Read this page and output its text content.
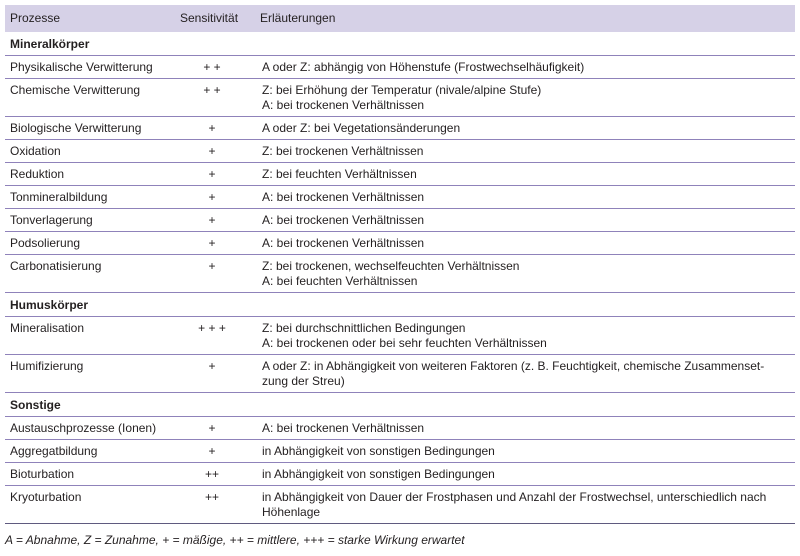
Prozesse	Sensitivität	Erläuterungen
Mineralkörper		
Physikalische Verwitterung	+ +	A oder Z: abhängig von Höhenstufe (Frostwechselhäufigkeit)

Chemische Verwitterung	+ +	Z: bei Erhöhung der Temperatur (nivale/alpine Stufe)
A: bei trockenen Verhältnissen

Biologische Verwitterung	+	A oder Z: bei Vegetationsänderungen

Oxidation	+	Z: bei trockenen Verhältnissen

Reduktion	+	Z: bei feuchten Verhältnissen

Tonmineralbildung	+	A: bei trockenen Verhältnissen

Tonverlagerung	+	A: bei trockenen Verhältnissen

Podsolierung	+	A: bei trockenen Verhältnissen

Carbonatisierung	+	Z: bei trockenen, wechselfeuchten Verhältnissen
A: bei feuchten Verhältnissen

Humuskörper		
Mineralisation	+ + +	Z: bei durchschnittlichen Bedingungen
A: bei trockenen oder bei sehr feuchten Verhältnissen

Humifizierung	+	A oder Z: in Abhängigkeit von weiteren Faktoren (z. B. Feuchtigkeit, chemische Zusammenset-
zung der Streu)

Sonstige		
Austauschprozesse (Ionen)	+	A: bei trockenen Verhältnissen

Aggregatbildung	+	in Abhängigkeit von sonstigen Bedingungen

Bioturbation	++	in Abhängigkeit von sonstigen Bedingungen

Kryoturbation	++	in Abhängigkeit von Dauer der Frostphasen und Anzahl der Frostwechsel, unterschiedlich nach
Höhenlage
A = Abnahme, Z = Zunahme, + = mäßige, ++ = mittlere, +++ = starke Wirkung erwartet
